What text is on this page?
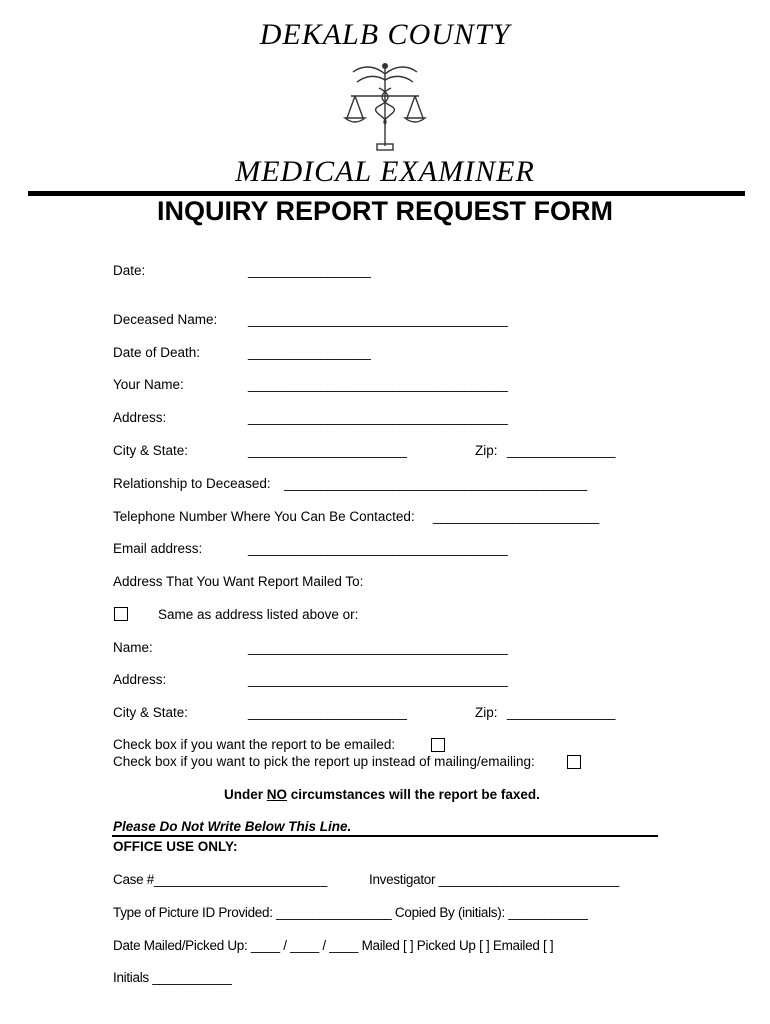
DEKALB COUNTY
MEDICAL EXAMINER
INQUIRY REPORT REQUEST FORM
Date:	_________________
Deceased Name: ____________________________________
Date of Death:	_________________
Your Name:	____________________________________
Address:	____________________________________
City & State:	______________________	Zip: _______________
Relationship to Deceased: __________________________________________
Telephone Number Where You Can Be Contacted: _______________________
Email address:	____________________________________
Address That You Want Report Mailed To:
Same as address listed above or:
Name:	____________________________________
Address:	____________________________________
City & State:	______________________	Zip: _______________
Check box if you want the report to be emailed:
Check box if you want to pick the report up instead of mailing/emailing:
Under NO circumstances will the report be faxed.
Please Do Not Write Below This Line.
OFFICE USE ONLY:
Case #________________________	Investigator _________________________
Type of Picture ID Provided: ________________ Copied By (initials): ___________
Date Mailed/Picked Up: ____ / ____ / ____ Mailed [ ] Picked Up [ ] Emailed [ ]
Initials ___________
